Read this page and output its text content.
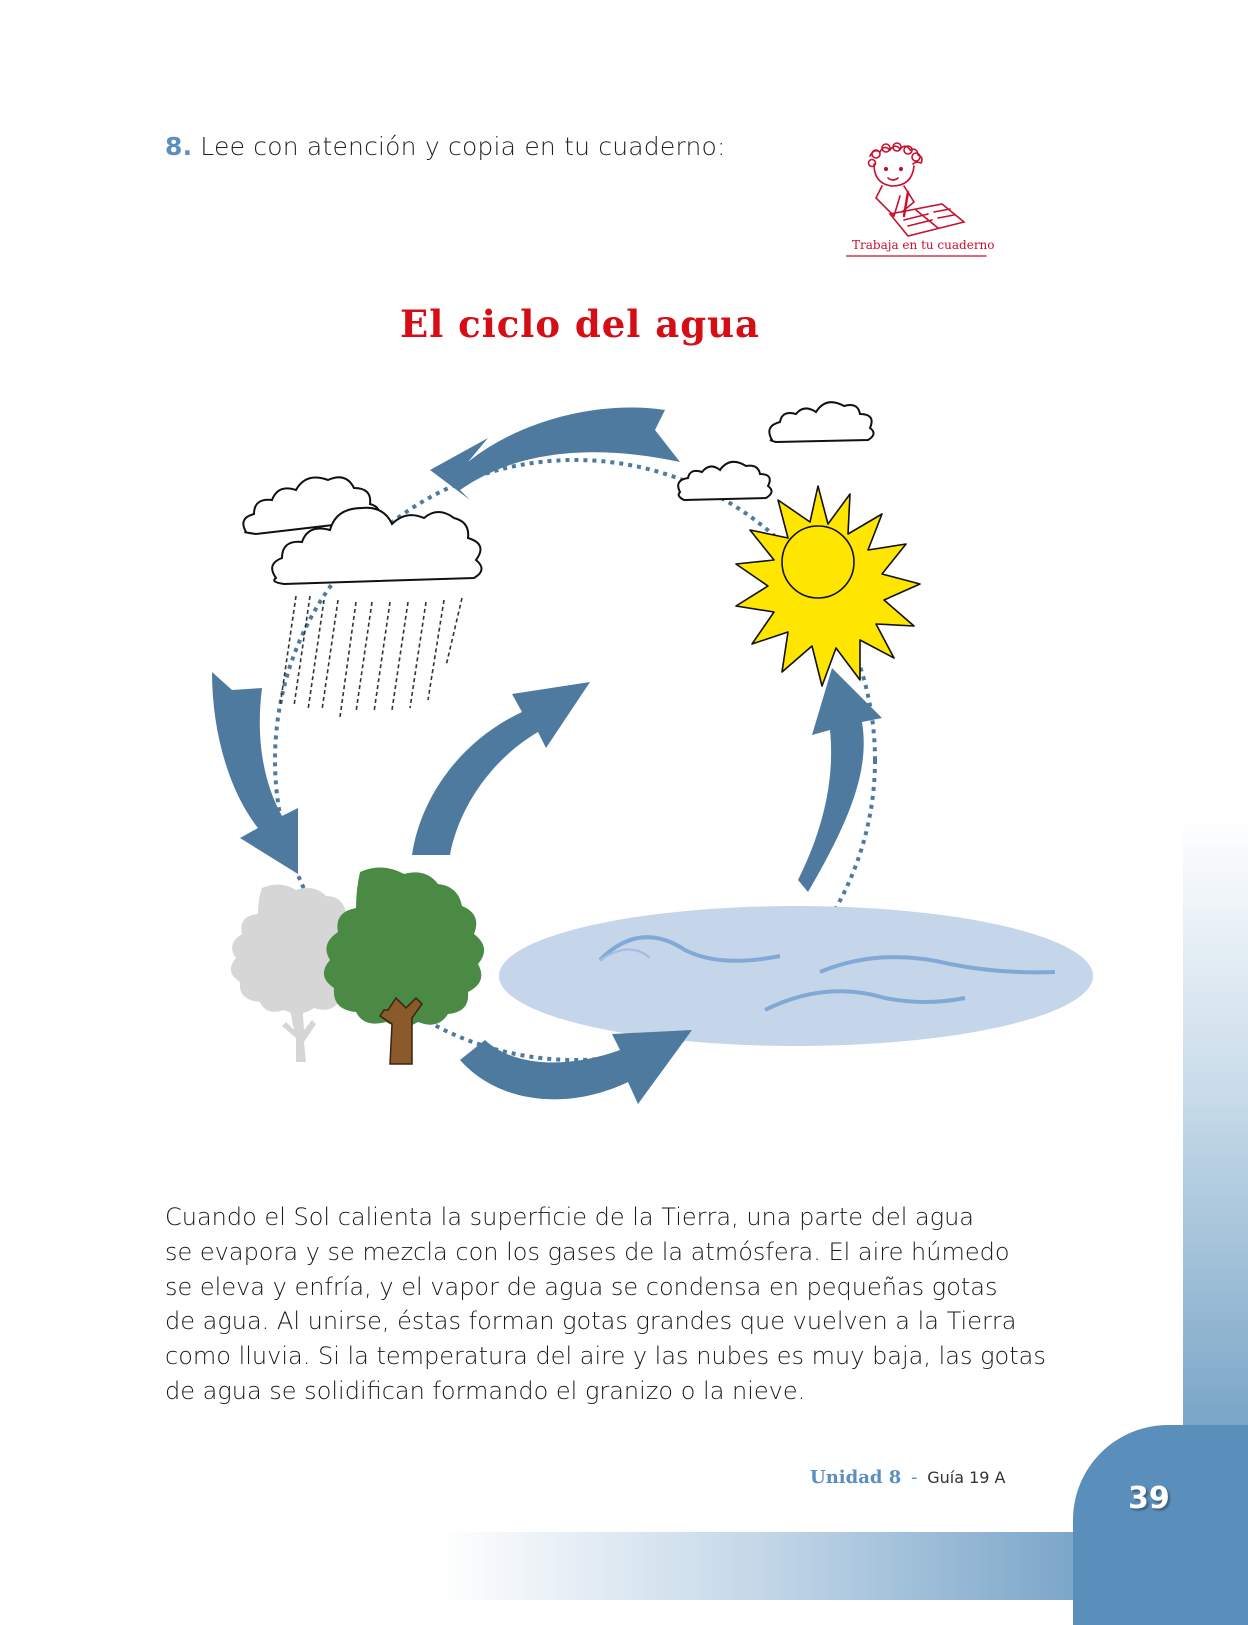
39
8. Lee con atención y copia en tu cuaderno:
Trabaja en tu cuaderno
El ciclo del agua
Cuando el Sol calienta la superficie de la Tierra, una parte del agua
se evapora y se mezcla con los gases de la atmósfera. El aire húmedo
se eleva y enfría, y el vapor de agua se condensa en pequeñas gotas
de agua. Al unirse, éstas forman gotas grandes que vuelven a la Tierra
como lluvia. Si la temperatura del aire y las nubes es muy baja, las gotas
de agua se solidifican formando el granizo o la nieve.
Unidad 8 - Guía 19 A
